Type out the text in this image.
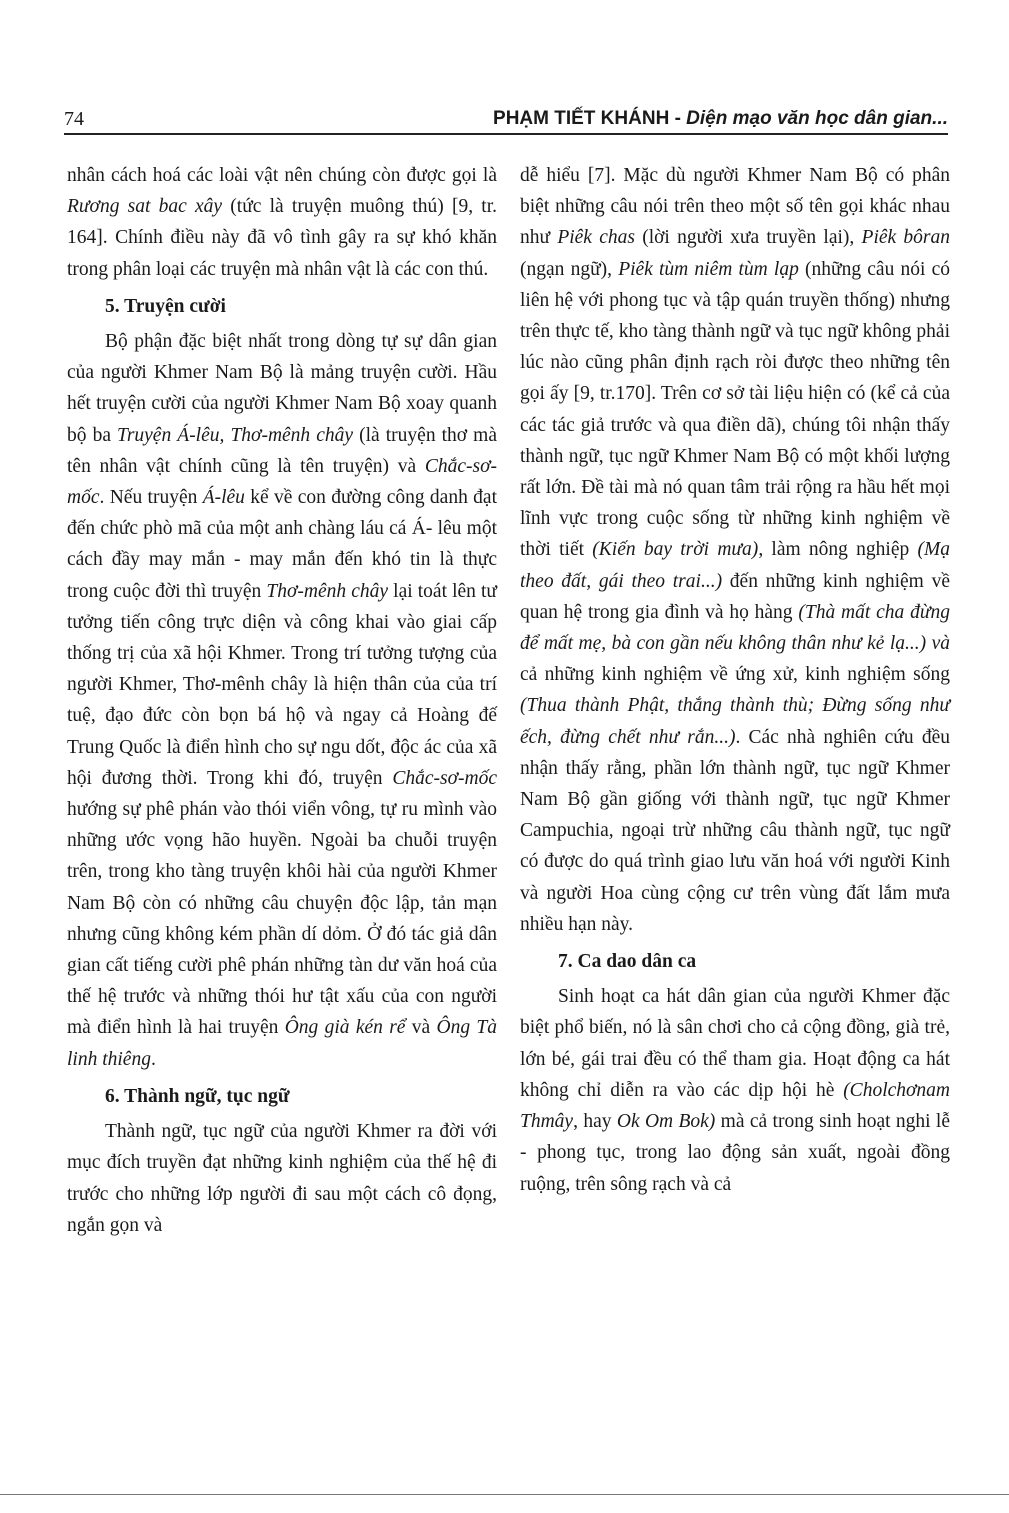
74	PHẠM TIẾT KHÁNH - Diện mạo văn học dân gian...

nhân cách hoá các loài vật nên chúng còn được gọi là Rương sat bac xây (tức là truyện muông thú) [9, tr. 164]. Chính điều này đã vô tình gây ra sự khó khăn trong phân loại các truyện mà nhân vật là các con thú.

5. Truyện cười

Bộ phận đặc biệt nhất trong dòng tự sự dân gian của người Khmer Nam Bộ là mảng truyện cười. Hầu hết truyện cười của người Khmer Nam Bộ xoay quanh bộ ba Truyện Á-lêu, Thơ-mênh chây (là truyện thơ mà tên nhân vật chính cũng là tên truyện) và Chắc-sơ-mốc. Nếu truyện Á-lêu kể về con đường công danh đạt đến chức phò mã của một anh chàng láu cá Á- lêu một cách đầy may mắn - may mắn đến khó tin là thực trong cuộc đời thì truyện Thơ-mênh chây lại toát lên tư tưởng tiến công trực diện và công khai vào giai cấp thống trị của xã hội Khmer. Trong trí tưởng tượng của người Khmer, Thơ-mênh chây là hiện thân của của trí tuệ, đạo đức còn bọn bá hộ và ngay cả Hoàng đế Trung Quốc là điển hình cho sự ngu dốt, độc ác của xã hội đương thời. Trong khi đó, truyện Chắc-sơ-mốc hướng sự phê phán vào thói viển vông, tự ru mình vào những ước vọng hão huyền. Ngoài ba chuỗi truyện trên, trong kho tàng truyện khôi hài của người Khmer Nam Bộ còn có những câu chuyện độc lập, tản mạn nhưng cũng không kém phần dí dỏm. Ở đó tác giả dân gian cất tiếng cười phê phán những tàn dư văn hoá của thế hệ trước và những thói hư tật xấu của con người mà điển hình là hai truyện Ông già kén rể và Ông Tà linh thiêng.

6. Thành ngữ, tục ngữ

Thành ngữ, tục ngữ của người Khmer ra đời với mục đích truyền đạt những kinh nghiệm của thế hệ đi trước cho những lớp người đi sau một cách cô đọng, ngắn gọn và

dễ hiểu [7]. Mặc dù người Khmer Nam Bộ có phân biệt những câu nói trên theo một số tên gọi khác nhau như Piêk chas (lời người xưa truyền lại), Piêk bôran (ngạn ngữ), Piêk tùm niêm tùm lạp (những câu nói có liên hệ với phong tục và tập quán truyền thống) nhưng trên thực tế, kho tàng thành ngữ và tục ngữ không phải lúc nào cũng phân định rạch ròi được theo những tên gọi ấy [9, tr.170]. Trên cơ sở tài liệu hiện có (kể cả của các tác giả trước và qua điền dã), chúng tôi nhận thấy thành ngữ, tục ngữ Khmer Nam Bộ có một khối lượng rất lớn. Đề tài mà nó quan tâm trải rộng ra hầu hết mọi lĩnh vực trong cuộc sống từ những kinh nghiệm về thời tiết (Kiến bay trời mưa), làm nông nghiệp (Mạ theo đất, gái theo trai...) đến những kinh nghiệm về quan hệ trong gia đình và họ hàng (Thà mất cha đừng để mất mẹ, bà con gần nếu không thân như kẻ lạ...) và cả những kinh nghiệm về ứng xử, kinh nghiệm sống (Thua thành Phật, thắng thành thù; Đừng sống như ếch, đừng chết như rắn...). Các nhà nghiên cứu đều nhận thấy rằng, phần lớn thành ngữ, tục ngữ Khmer Nam Bộ gần giống với thành ngữ, tục ngữ Khmer Campuchia, ngoại trừ những câu thành ngữ, tục ngữ có được do quá trình giao lưu văn hoá với người Kinh và người Hoa cùng cộng cư trên vùng đất lắm mưa nhiều hạn này.

7. Ca dao dân ca

Sinh hoạt ca hát dân gian của người Khmer đặc biệt phổ biến, nó là sân chơi cho cả cộng đồng, già trẻ, lớn bé, gái trai đều có thể tham gia. Hoạt động ca hát không chỉ diễn ra vào các dịp hội hè (Cholchơnam Thmây, hay Ok Om Bok) mà cả trong sinh hoạt nghi lễ - phong tục, trong lao động sản xuất, ngoài đồng ruộng, trên sông rạch và cả
